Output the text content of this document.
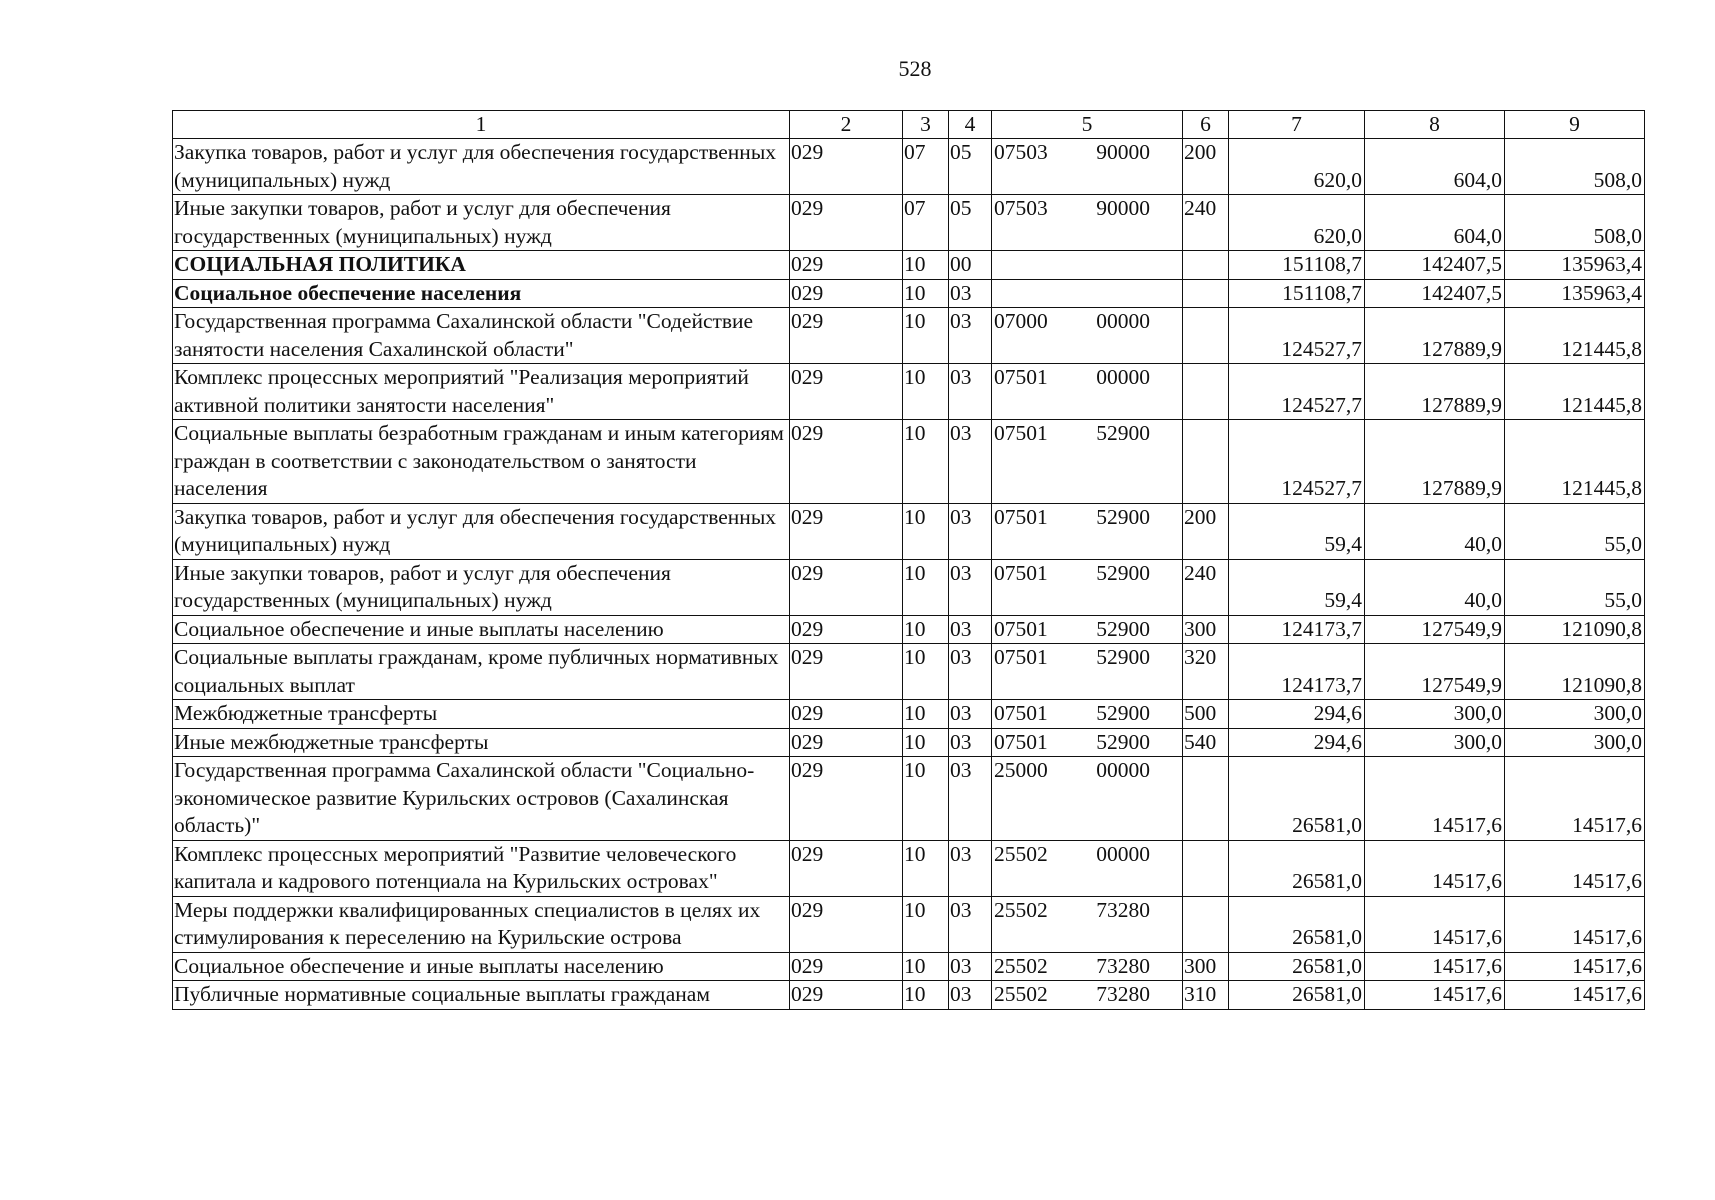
528
1	2	3	4	5	6	7	8	9
Закупка товаров, работ и услуг для обеспечения государственных (муниципальных) нужд	029	07	05	07503 90000	200	620,0	604,0	508,0
Иные закупки товаров, работ и услуг для обеспечения государственных (муниципальных) нужд	029	07	05	07503 90000	240	620,0	604,0	508,0
СОЦИАЛЬНАЯ ПОЛИТИКА	029	10	00			151108,7	142407,5	135963,4
Социальное обеспечение населения	029	10	03			151108,7	142407,5	135963,4
Государственная программа Сахалинской области "Содействие занятости населения Сахалинской области"	029	10	03	07000 00000		124527,7	127889,9	121445,8
Комплекс процессных мероприятий "Реализация мероприятий активной политики занятости населения"	029	10	03	07501 00000		124527,7	127889,9	121445,8
Социальные выплаты безработным гражданам и иным категориям граждан в соответствии с законодательством о занятости населения	029	10	03	07501 52900		124527,7	127889,9	121445,8
Закупка товаров, работ и услуг для обеспечения государственных (муниципальных) нужд	029	10	03	07501 52900	200	59,4	40,0	55,0
Иные закупки товаров, работ и услуг для обеспечения государственных (муниципальных) нужд	029	10	03	07501 52900	240	59,4	40,0	55,0
Социальное обеспечение и иные выплаты населению	029	10	03	07501 52900	300	124173,7	127549,9	121090,8
Социальные выплаты гражданам, кроме публичных нормативных социальных выплат	029	10	03	07501 52900	320	124173,7	127549,9	121090,8
Межбюджетные трансферты	029	10	03	07501 52900	500	294,6	300,0	300,0
Иные межбюджетные трансферты	029	10	03	07501 52900	540	294,6	300,0	300,0
Государственная программа Сахалинской области "Социально-экономическое развитие Курильских островов (Сахалинская область)"	029	10	03	25000 00000		26581,0	14517,6	14517,6
Комплекс процессных мероприятий "Развитие человеческого капитала и кадрового потенциала на Курильских островах"	029	10	03	25502 00000		26581,0	14517,6	14517,6
Меры поддержки квалифицированных специалистов в целях их стимулирования к переселению на Курильские острова	029	10	03	25502 73280		26581,0	14517,6	14517,6
Социальное обеспечение и иные выплаты населению	029	10	03	25502 73280	300	26581,0	14517,6	14517,6
Публичные нормативные социальные выплаты гражданам	029	10	03	25502 73280	310	26581,0	14517,6	14517,6
